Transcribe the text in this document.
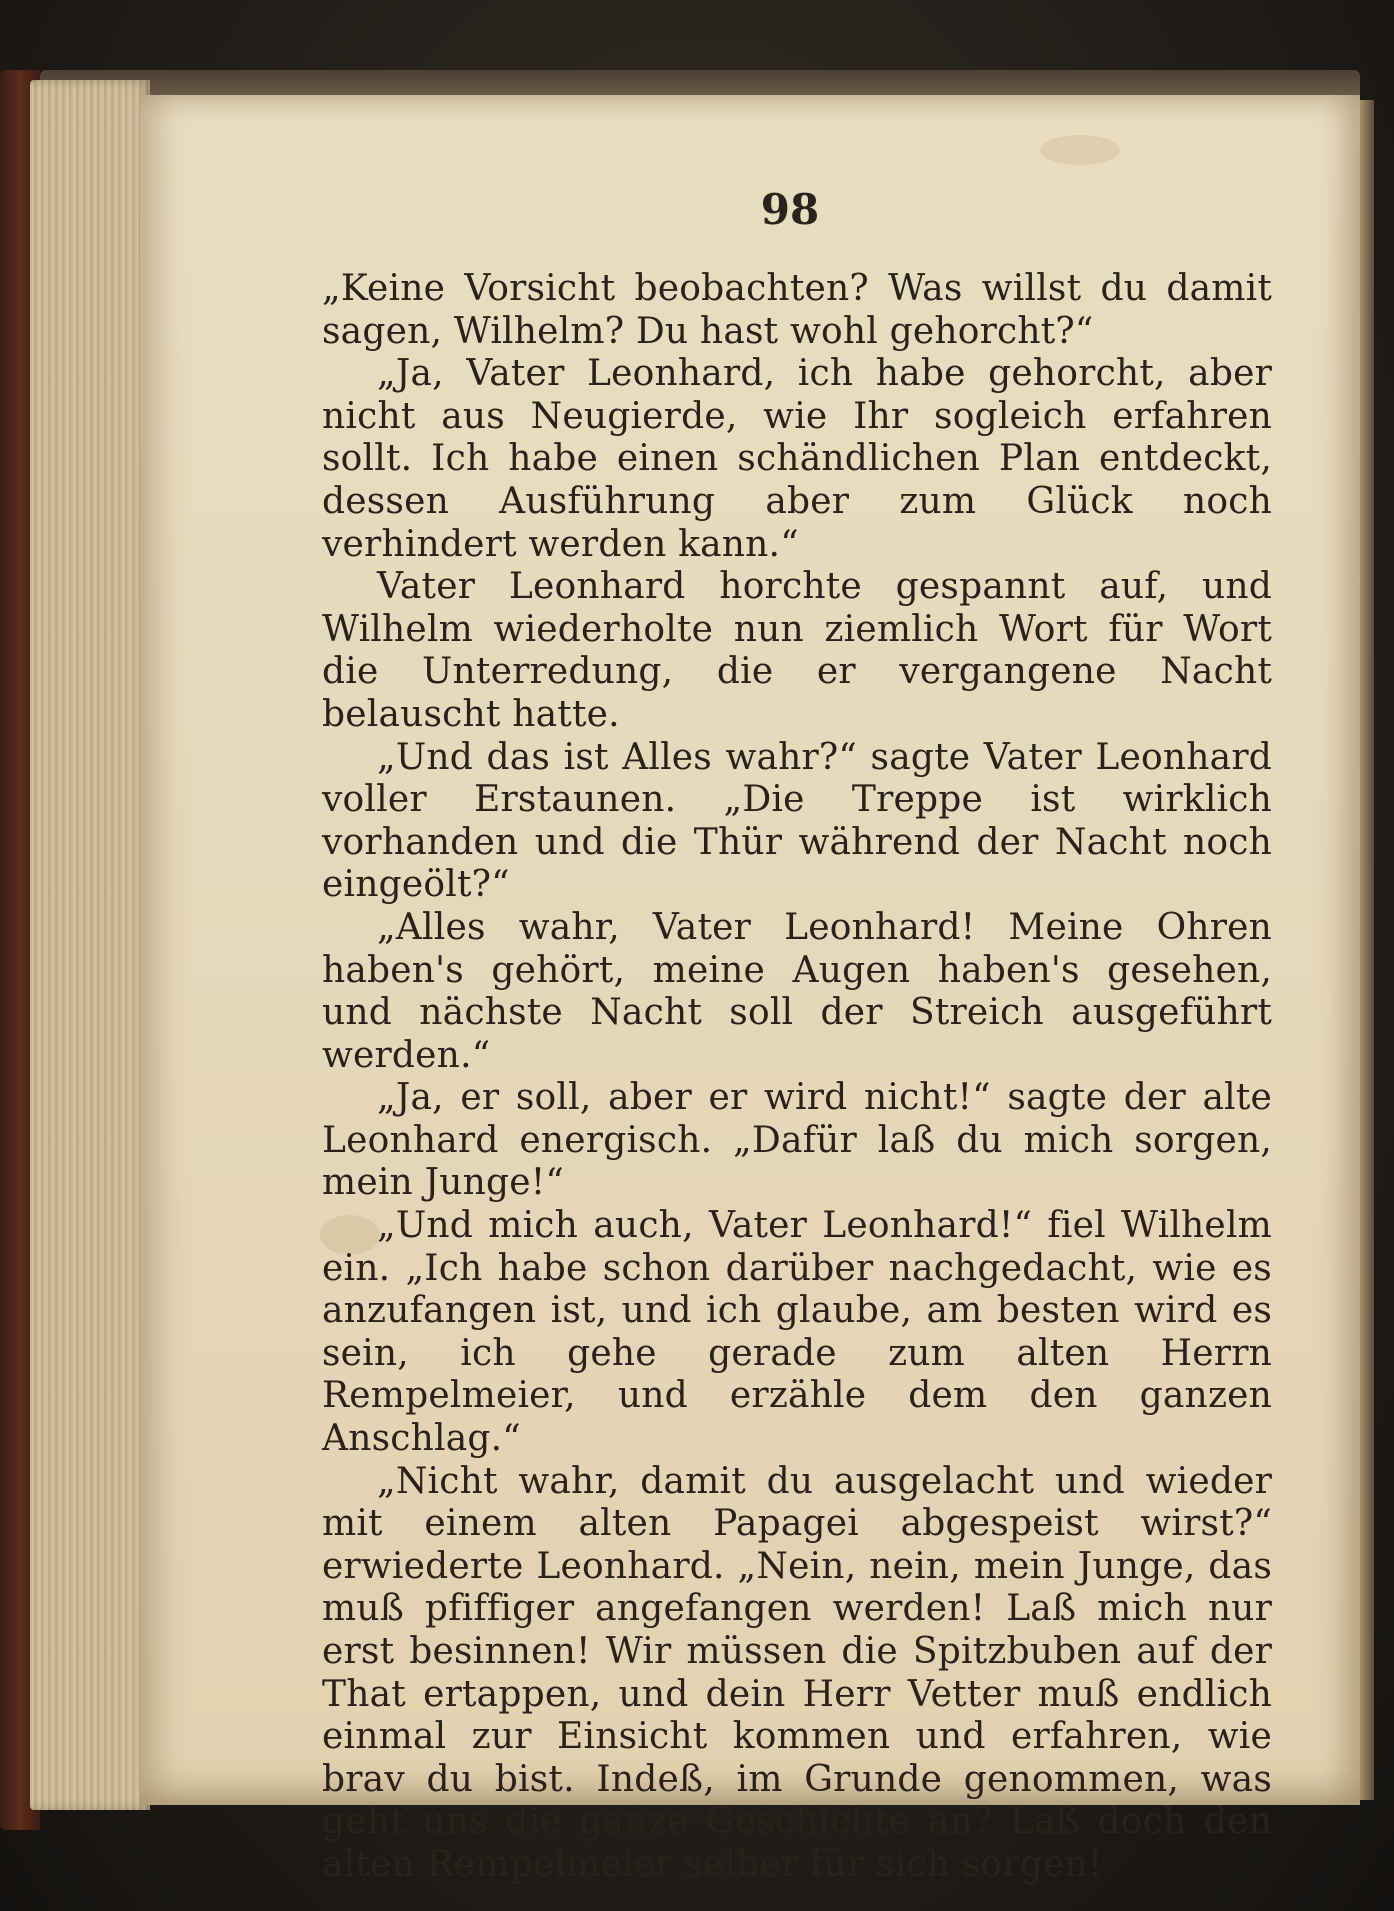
98

„Keine Vorsicht beobachten? Was willst du damit sagen, Wilhelm? Du hast wohl gehorcht?“

„Ja, Vater Leonhard, ich habe gehorcht, aber nicht aus Neugierde, wie Ihr sogleich erfahren sollt. Ich habe einen schändlichen Plan entdeckt, dessen Ausführung aber zum Glück noch verhindert werden kann.“

Vater Leonhard horchte gespannt auf, und Wilhelm wiederholte nun ziemlich Wort für Wort die Unterredung, die er vergangene Nacht belauscht hatte.

„Und das ist Alles wahr?“ sagte Vater Leonhard voller Erstaunen. „Die Treppe ist wirklich vorhanden und die Thür während der Nacht noch eingeölt?“

„Alles wahr, Vater Leonhard! Meine Ohren haben's gehört, meine Augen haben's gesehen, und nächste Nacht soll der Streich ausgeführt werden.“

„Ja, er soll, aber er wird nicht!“ sagte der alte Leonhard energisch. „Dafür laß du mich sorgen, mein Junge!“

„Und mich auch, Vater Leonhard!“ fiel Wilhelm ein. „Ich habe schon darüber nachgedacht, wie es anzufangen ist, und ich glaube, am besten wird es sein, ich gehe gerade zum alten Herrn Rempelmeier, und erzähle dem den ganzen Anschlag.“

„Nicht wahr, damit du ausgelacht und wieder mit einem alten Papagei abgespeist wirst?“ erwiederte Leonhard. „Nein, nein, mein Junge, das muß pfiffiger angefangen werden! Laß mich nur erst besinnen! Wir müssen die Spitzbuben auf der That ertappen, und dein Herr Vetter muß endlich einmal zur Einsicht kommen und erfahren, wie brav du bist. Indeß, im Grunde genommen, was geht uns die ganze Geschichte an? Laß doch den alten Rempelmeier selber für sich sorgen!
